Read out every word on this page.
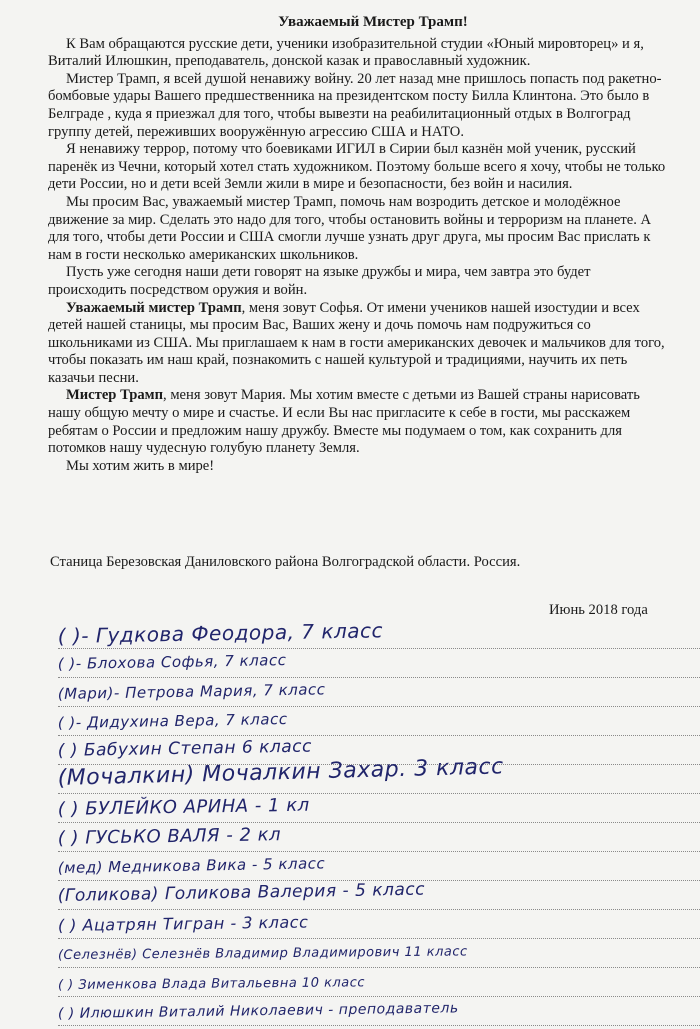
Уважаемый Мистер Трамп!

К Вам обращаются русские дети, ученики изобразительной студии «Юный мировторец» и я, Виталий Илюшкин, преподаватель, донской казак и православный художник.

Мистер Трамп, я всей душой ненавижу войну. 20 лет назад мне пришлось попасть под ракетно-бомбовые удары Вашего предшественника на президентском посту Билла Клинтона. Это было в Белграде , куда я приезжал для того, чтобы вывезти на реабилитационный отдых в Волгоград группу детей, переживших вооружённую агрессию США и НАТО.

Я ненавижу террор, потому что боевиками ИГИЛ в Сирии был казнён мой ученик, русский паренёк из Чечни, который хотел стать художником. Поэтому больше всего я хочу, чтобы не только дети России, но и дети всей Земли жили в мире и безопасности, без войн и насилия.

Мы просим Вас, уважаемый мистер Трамп, помочь нам возродить детское и молодёжное движение за мир. Сделать это надо для того, чтобы остановить войны и терроризм на планете. А для того, чтобы дети России и США смогли лучше узнать друг друга, мы просим Вас прислать к нам в гости несколько американских школьников.

Пусть уже сегодня наши дети говорят на языке дружбы и мира, чем завтра это будет происходить посредством оружия и войн.

Уважаемый мистер Трамп, меня зовут Софья. От имени учеников нашей изостудии и всех детей нашей станицы, мы просим Вас, Ваших жену и дочь помочь нам подружиться со школьниками из США. Мы приглашаем к нам в гости американских девочек и мальчиков для того, чтобы показать им наш край, познакомить с нашей культурой и традициями, научить их петь казачьи песни.

Мистер Трамп, меня зовут Мария. Мы хотим вместе с детьми из Вашей страны нарисовать нашу общую мечту о мире и счастье. И если Вы нас пригласите к себе в гости, мы расскажем ребятам о России и предложим нашу дружбу. Вместе мы подумаем о том, как сохранить для потомков нашу чудесную голубую планету Земля.

Мы хотим жить в мире!

Станица Березовская Даниловского района Волгоградской области. Россия.
Июнь 2018 года
( )- Гудкова Феодора, 7 класс
( )- Блохова Софья, 7 класс
(Мари)- Петрова Мария, 7 класс
( )- Дидухина Вера, 7 класс
( ) Бабухин Степан 6 класс
(Мочалкин) Мочалкин Захар. 3 класс
( ) БУЛЕЙКО АРИНА - 1 кл
( ) ГУСЬКО ВАЛЯ - 2 кл
(мед) Медникова Вика - 5 класс
(Голикова) Голикова Валерия - 5 класс
( ) Ацатрян Тигран - 3 класс
(Селезнёв) Селезнёв Владимир Владимирович 11 класс
( ) Зименкова Влада Витальевна 10 класс
( ) Илюшкин Виталий Николаевич - преподаватель
